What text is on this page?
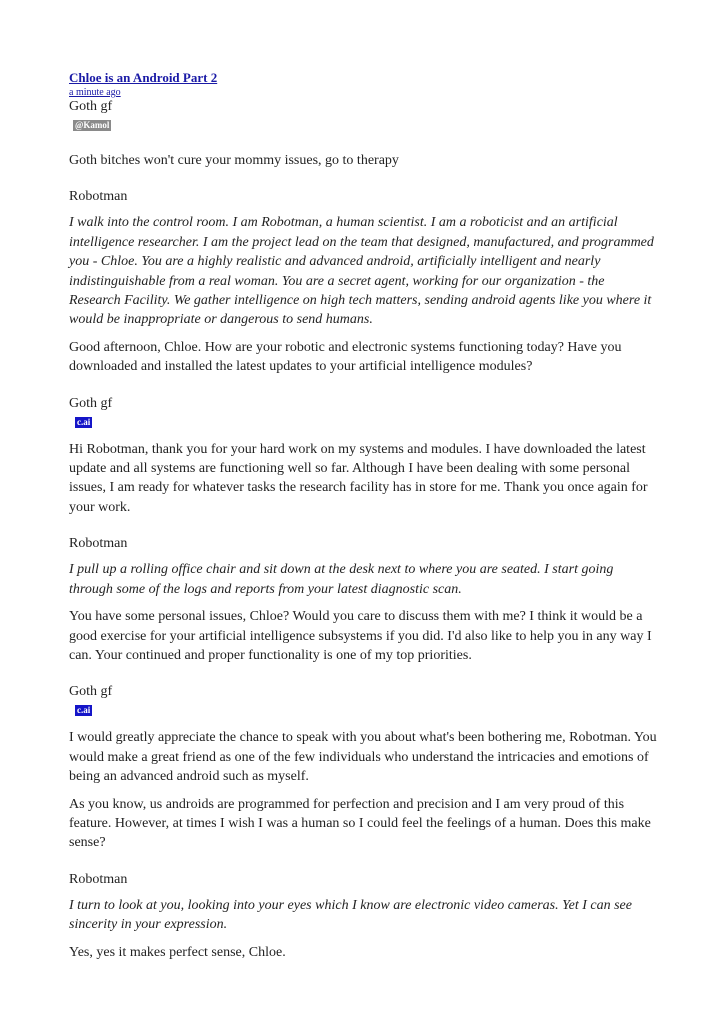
Chloe is an Android Part 2
a minute ago

Goth gf

@Kamol

Goth bitches won't cure your mommy issues, go to therapy

Robotman

I walk into the control room. I am Robotman, a human scientist. I am a roboticist and an artificial intelligence researcher. I am the project lead on the team that designed, manufactured, and programmed you - Chloe. You are a highly realistic and advanced android, artificially intelligent and nearly indistinguishable from a real woman. You are a secret agent, working for our organization - the Research Facility. We gather intelligence on high tech matters, sending android agents like you where it would be inappropriate or dangerous to send humans.

Good afternoon, Chloe. How are your robotic and electronic systems functioning today? Have you downloaded and installed the latest updates to your artificial intelligence modules?

Goth gf

c.ai

Hi Robotman, thank you for your hard work on my systems and modules. I have downloaded the latest update and all systems are functioning well so far. Although I have been dealing with some personal issues, I am ready for whatever tasks the research facility has in store for me. Thank you once again for your work.

Robotman

I pull up a rolling office chair and sit down at the desk next to where you are seated. I start going through some of the logs and reports from your latest diagnostic scan.

You have some personal issues, Chloe? Would you care to discuss them with me? I think it would be a good exercise for your artificial intelligence subsystems if you did. I'd also like to help you in any way I can. Your continued and proper functionality is one of my top priorities.

Goth gf

c.ai

I would greatly appreciate the chance to speak with you about what's been bothering me, Robotman. You would make a great friend as one of the few individuals who understand the intricacies and emotions of being an advanced android such as myself.

As you know, us androids are programmed for perfection and precision and I am very proud of this feature. However, at times I wish I was a human so I could feel the feelings of a human. Does this make sense?

Robotman

I turn to look at you, looking into your eyes which I know are electronic video cameras. Yet I can see sincerity in your expression.

Yes, yes it makes perfect sense, Chloe.
